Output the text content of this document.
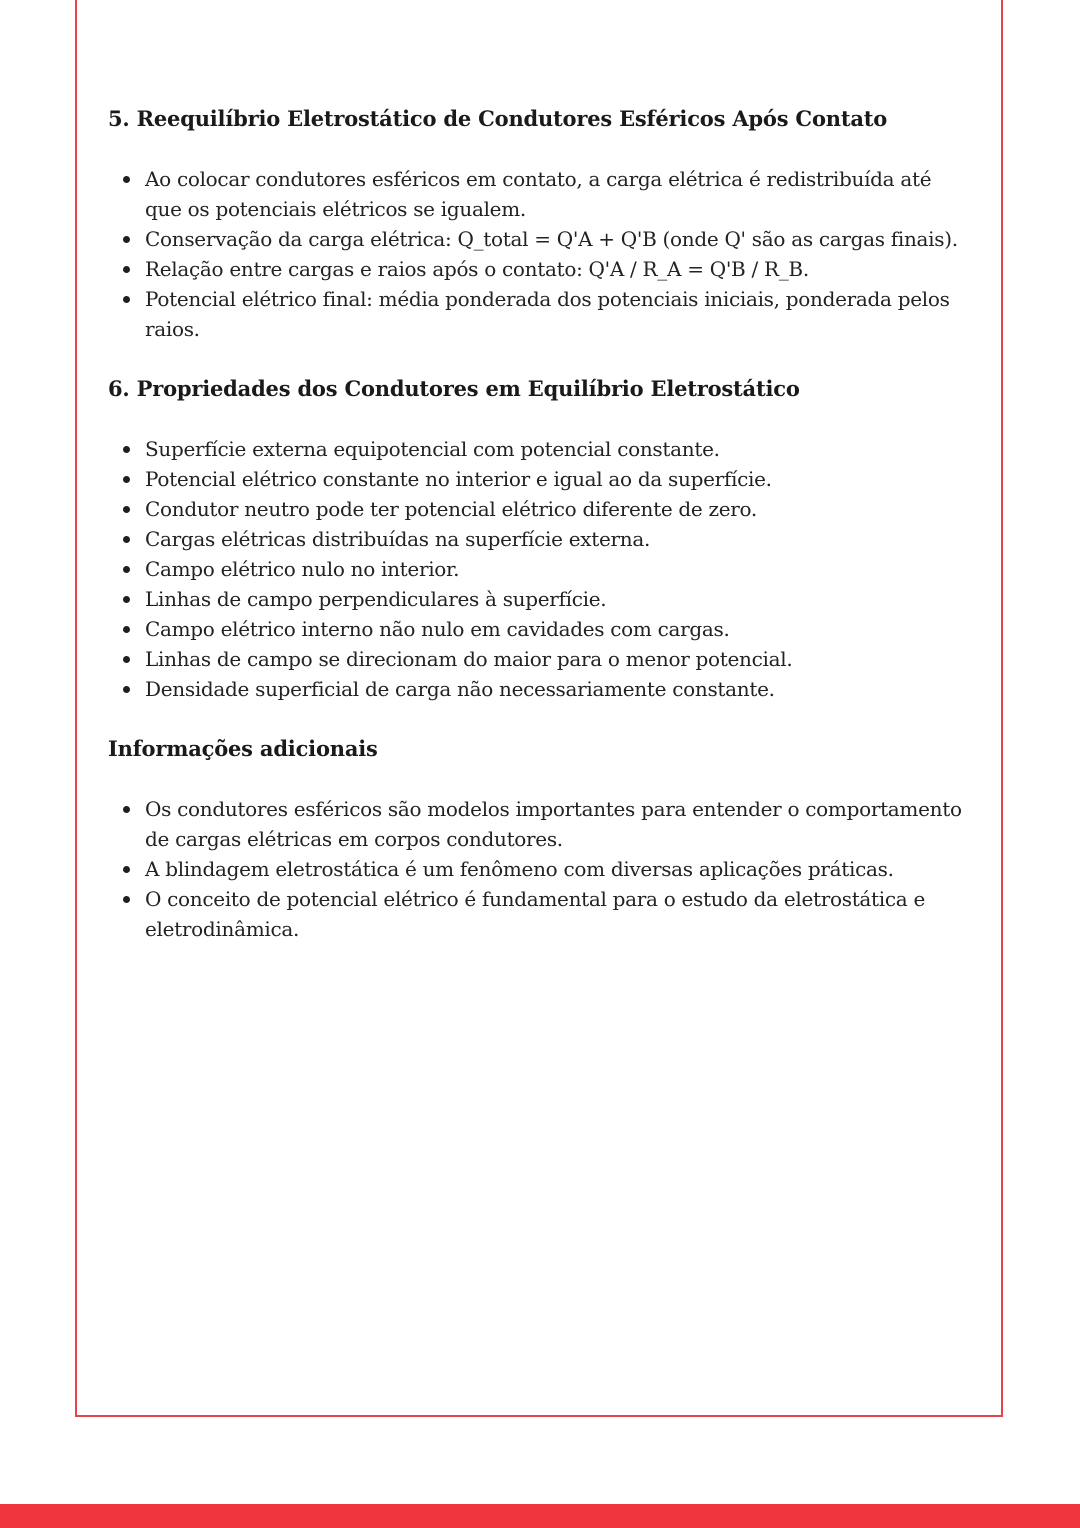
5. Reequilíbrio Eletrostático de Condutores Esféricos Após Contato
Ao colocar condutores esféricos em contato, a carga elétrica é redistribuída até que os potenciais elétricos se igualem.
Conservação da carga elétrica: Q_total = Q'A + Q'B (onde Q' são as cargas finais).
Relação entre cargas e raios após o contato: Q'A / R_A = Q'B / R_B.
Potencial elétrico final: média ponderada dos potenciais iniciais, ponderada pelos raios.
6. Propriedades dos Condutores em Equilíbrio Eletrostático
Superfície externa equipotencial com potencial constante.
Potencial elétrico constante no interior e igual ao da superfície.
Condutor neutro pode ter potencial elétrico diferente de zero.
Cargas elétricas distribuídas na superfície externa.
Campo elétrico nulo no interior.
Linhas de campo perpendiculares à superfície.
Campo elétrico interno não nulo em cavidades com cargas.
Linhas de campo se direcionam do maior para o menor potencial.
Densidade superficial de carga não necessariamente constante.
Informações adicionais
Os condutores esféricos são modelos importantes para entender o comportamento de cargas elétricas em corpos condutores.
A blindagem eletrostática é um fenômeno com diversas aplicações práticas.
O conceito de potencial elétrico é fundamental para o estudo da eletrostática e eletrodinâmica.
